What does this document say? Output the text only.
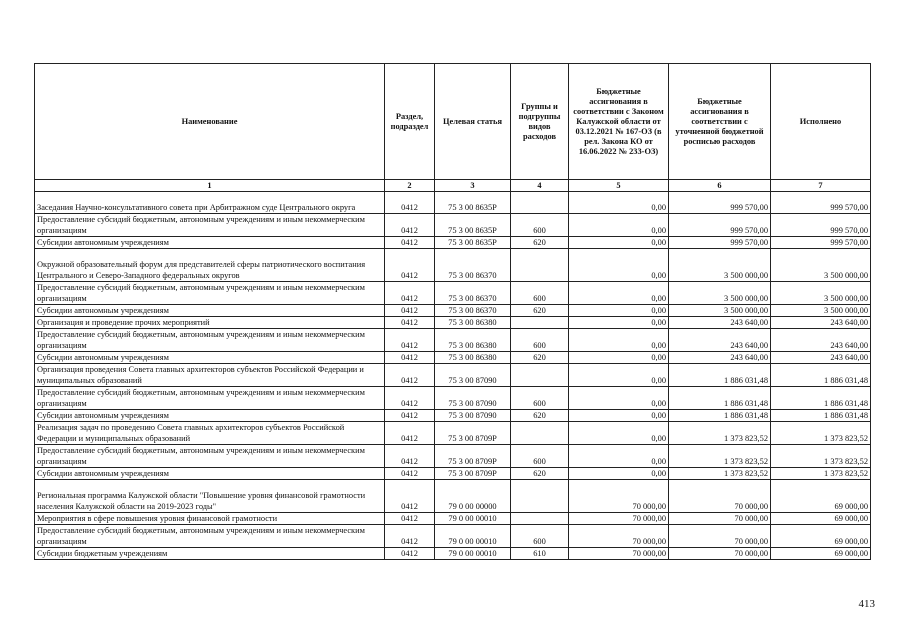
Наименование	Раздел, подраздел	Целевая статья	Группы и подгруппы видов расходов	Бюджетные ассигнования в соответствии с Законом Калужской области от 03.12.2021 № 167-ОЗ (в рел. Закона КО от 16.06.2022 № 233-ОЗ)	Бюджетные ассигнования в соответствии с уточненной бюджетной росписью расходов	Исполнено
1	2	3	4	5	6	7
Заседания Научно-консультативного совета при Арбитражном суде Центрального округа	0412	75 3 00 8635Р		0,00	999 570,00	999 570,00
Предоставление субсидий бюджетным, автономным учреждениям и иным некоммерческим организациям	0412	75 3 00 8635Р	600	0,00	999 570,00	999 570,00
Субсидии автономным учреждениям	0412	75 3 00 8635Р	620	0,00	999 570,00	999 570,00
Окружной образовательный форум для представителей сферы патриотического воспитания Центрального и Северо-Западного федеральных округов	0412	75 3 00 86370		0,00	3 500 000,00	3 500 000,00
Предоставление субсидий бюджетным, автономным учреждениям и иным некоммерческим организациям	0412	75 3 00 86370	600	0,00	3 500 000,00	3 500 000,00
Субсидии автономным учреждениям	0412	75 3 00 86370	620	0,00	3 500 000,00	3 500 000,00
Организация и проведение прочих мероприятий	0412	75 3 00 86380		0,00	243 640,00	243 640,00
Предоставление субсидий бюджетным, автономным учреждениям и иным некоммерческим организациям	0412	75 3 00 86380	600	0,00	243 640,00	243 640,00
Субсидии автономным учреждениям	0412	75 3 00 86380	620	0,00	243 640,00	243 640,00
Организация проведения Совета главных архитекторов субъектов Российской Федерации и муниципальных образований	0412	75 3 00 87090		0,00	1 886 031,48	1 886 031,48
Предоставление субсидий бюджетным, автономным учреждениям и иным некоммерческим организациям	0412	75 3 00 87090	600	0,00	1 886 031,48	1 886 031,48
Субсидии автономным учреждениям	0412	75 3 00 87090	620	0,00	1 886 031,48	1 886 031,48
Реализация задач по проведению Совета главных архитекторов субъектов Российской Федерации и муниципальных образований	0412	75 3 00 8709Р		0,00	1 373 823,52	1 373 823,52
Предоставление субсидий бюджетным, автономным учреждениям и иным некоммерческим организациям	0412	75 3 00 8709Р	600	0,00	1 373 823,52	1 373 823,52
Субсидии автономным учреждениям	0412	75 3 00 8709Р	620	0,00	1 373 823,52	1 373 823,52
Региональная программа Калужской области "Повышение уровня финансовой грамотности населения Калужской области на 2019-2023 годы"	0412	79 0 00 00000		70 000,00	70 000,00	69 000,00
Мероприятия в сфере повышения уровня финансовой грамотности	0412	79 0 00 00010		70 000,00	70 000,00	69 000,00
Предоставление субсидий бюджетным, автономным учреждениям и иным некоммерческим организациям	0412	79 0 00 00010	600	70 000,00	70 000,00	69 000,00
Субсидии бюджетным учреждениям	0412	79 0 00 00010	610	70 000,00	70 000,00	69 000,00
413
